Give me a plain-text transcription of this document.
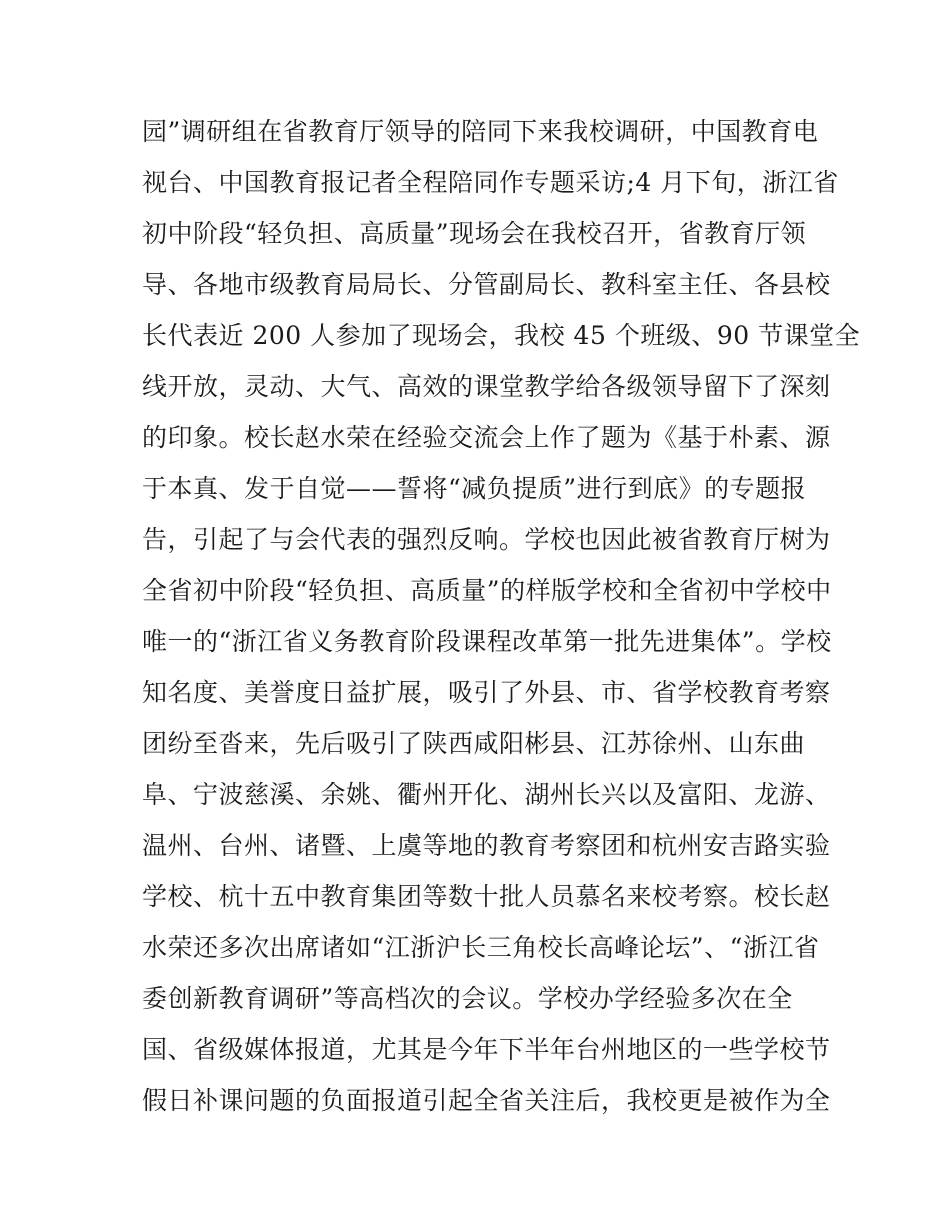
园”调研组在省教育厅领导的陪同下来我校调研，中国教育电
视台、中国教育报记者全程陪同作专题采访;4 月下旬，浙江省
初中阶段“轻负担、高质量”现场会在我校召开，省教育厅领
导、各地市级教育局局长、分管副局长、教科室主任、各县校
长代表近 200 人参加了现场会，我校 45 个班级、90 节课堂全
线开放，灵动、大气、高效的课堂教学给各级领导留下了深刻
的印象。校长赵水荣在经验交流会上作了题为《基于朴素、源
于本真、发于自觉——誓将“减负提质”进行到底》的专题报
告，引起了与会代表的强烈反响。学校也因此被省教育厅树为
全省初中阶段“轻负担、高质量”的样版学校和全省初中学校中
唯一的“浙江省义务教育阶段课程改革第一批先进集体”。学校
知名度、美誉度日益扩展，吸引了外县、市、省学校教育考察
团纷至沓来，先后吸引了陕西咸阳彬县、江苏徐州、山东曲
阜、宁波慈溪、余姚、衢州开化、湖州长兴以及富阳、龙游、
温州、台州、诸暨、上虞等地的教育考察团和杭州安吉路实验
学校、杭十五中教育集团等数十批人员慕名来校考察。校长赵
水荣还多次出席诸如“江浙沪长三角校长高峰论坛”、“浙江省
委创新教育调研”等高档次的会议。学校办学经验多次在全
国、省级媒体报道，尤其是今年下半年台州地区的一些学校节
假日补课问题的负面报道引起全省关注后，我校更是被作为全
